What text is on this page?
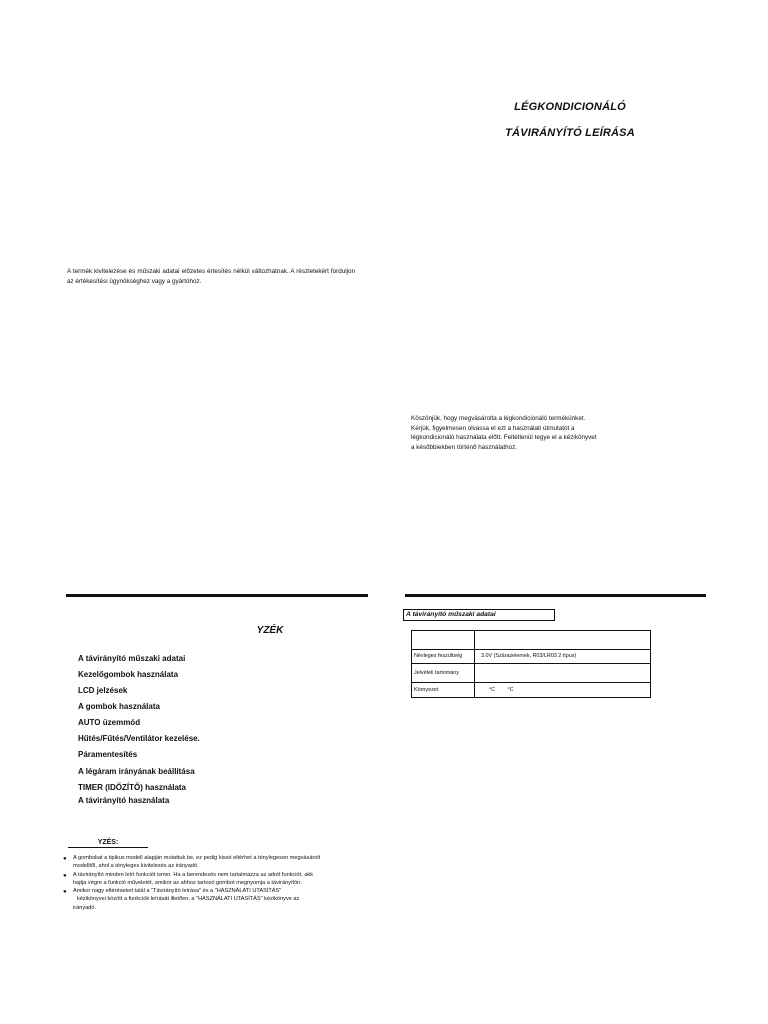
LÉGKONDICIONÁLÓ
TÁVIRÁNYÍTÓ LEÍRÁSA
A termék kivitelezése és műszaki adatai előzetes értesítés nélkül változhatnak. A részletekért forduljon az értékesítési ügynökséghez vagy a gyártóhoz.
Köszönjük, hogy megvásárolta a légkondicionáló termékünket.
Kérjük, figyelmesen olvassa el ezt a használati útmutatót a
légkondicionáló használata előtt. Feltétlenül tegye el a kézikönyvet
a későbbiekben történő használathoz.
YZÉK
A távirányító műszaki adatai
Kezelőgombok használata
LCD jelzések
A gombok használata
AUTO üzemmód
Hűtés/Fűtés/Ventilátor kezelése.
Páramentesítés
A légáram irányának beállítása
TIMER (IDŐZÍTŐ) használata
A távirányító használata
YZÉS:
● A gombokat a tipikus modell alapján mutattuk be, ez pedig kissé eltérhet a ténylegesen megvásárolt
modelltől, ahol a tényleges kivitelezés az irányadó.
● A távirányító minden leírt funkciót ismer. Ha a berendezés nem tartalmazza az adott funkciót, akk
hajtja végre a funkció műveletét, amikor az ahhoz tartozó gombot megnyomja a távirányítón.
● Amikor nagy eltéréseket talál a "Távirányító leírása" és a "HASZNÁLATI UTASÍTÁS"
kézikönyvei között a funkciók leírását illetően, a "HASZNÁLATI UTASÍTÁS" kézikönyve az
irányadó.
A távirányító műszaki adatai

Névleges feszültség	3.0V (Szárazelemek, R03/LR03 2 típus)
Jelvételi tartomány	
Környezet	°C °C
